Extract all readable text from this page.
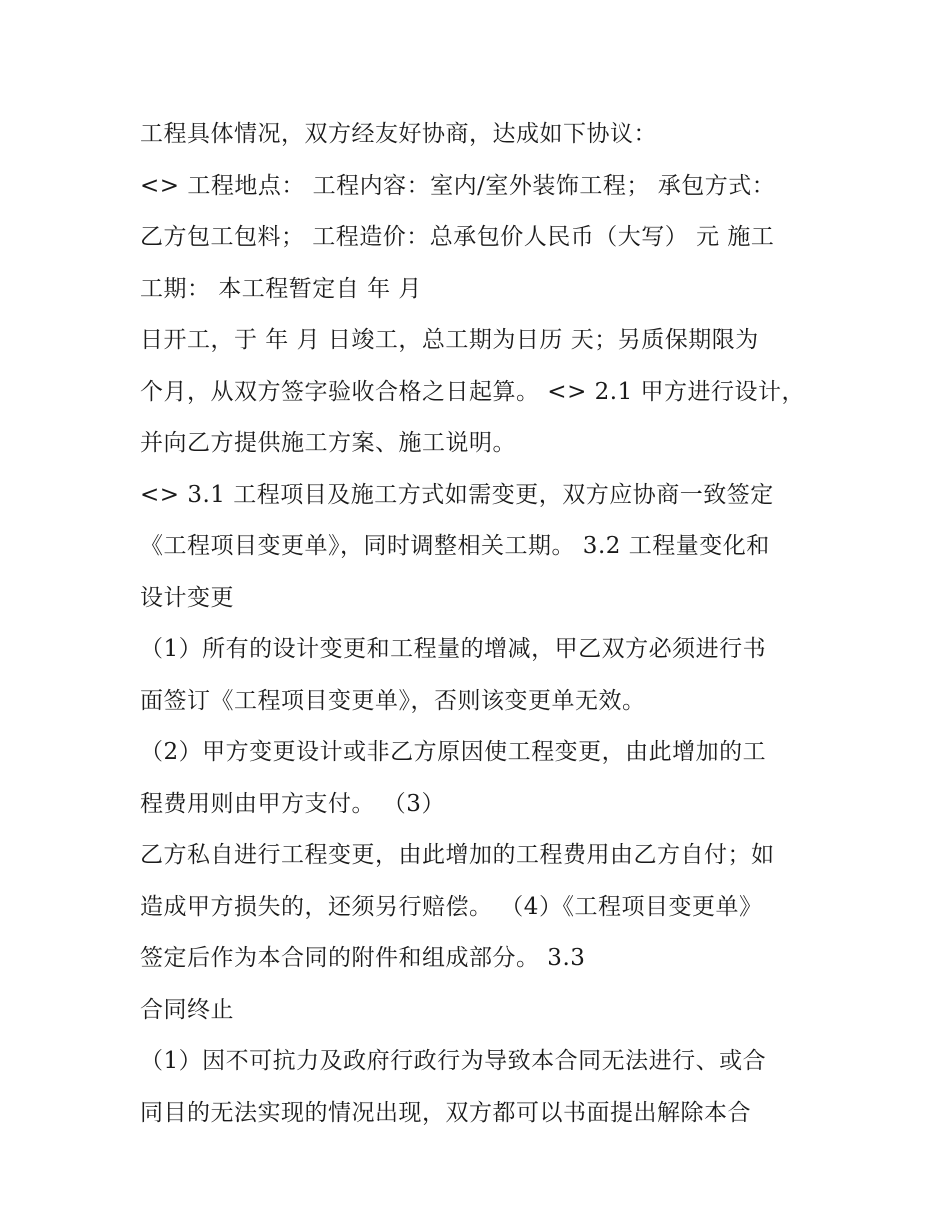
工程具体情况，双方经友好协商，达成如下协议：
<> 工程地点： 工程内容：室内/室外装饰工程； 承包方式：
乙方包工包料； 工程造价：总承包价人民币（大写） 元 施工
工期： 本工程暂定自 年 月
日开工，于 年 月 日竣工，总工期为日历 天；另质保期限为
个月，从双方签字验收合格之日起算。 <> 2.1 甲方进行设计，
并向乙方提供施工方案、施工说明。
<> 3.1 工程项目及施工方式如需变更，双方应协商一致签定
《工程项目变更单》，同时调整相关工期。 3.2 工程量变化和
设计变更
（1）所有的设计变更和工程量的增减，甲乙双方必须进行书
面签订《工程项目变更单》，否则该变更单无效。
（2）甲方变更设计或非乙方原因使工程变更，由此增加的工
程费用则由甲方支付。 （3）
乙方私自进行工程变更，由此增加的工程费用由乙方自付；如
造成甲方损失的，还须另行赔偿。 （4）《工程项目变更单》
签定后作为本合同的附件和组成部分。 3.3
合同终止
（1）因不可抗力及政府行政行为导致本合同无法进行、或合
同目的无法实现的情况出现，双方都可以书面提出解除本合
